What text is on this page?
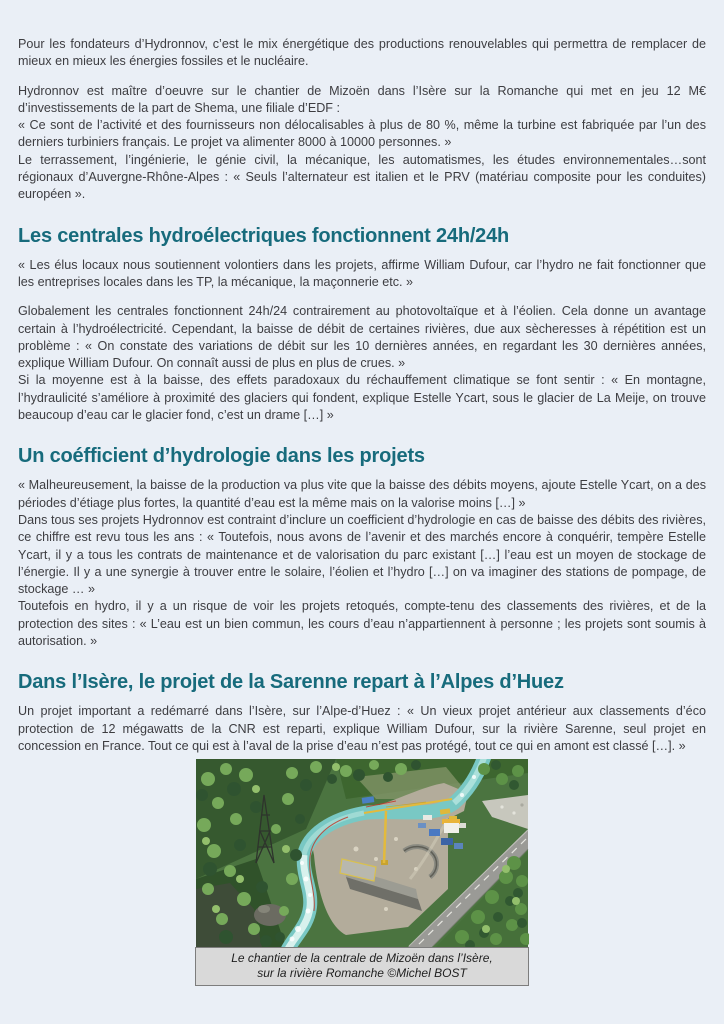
Pour les fondateurs d’Hydronnov, c’est le mix énergétique des productions renouvelables qui permettra de remplacer de mieux en mieux les énergies fossiles et le nucléaire.

Hydronnov est maître d’oeuvre sur le chantier de Mizoën dans l’Isère sur la Romanche qui met en jeu 12 M€ d’investissements de la part de Shema, une filiale d’EDF :

« Ce sont de l’activité et des fournisseurs non délocalisables à plus de 80 %, même la turbine est fabriquée par l’un des derniers turbiniers français. Le projet va alimenter 8000 à 10000 personnes. »

Le terrassement, l’ingénierie, le génie civil, la mécanique, les automatismes, les études environnementales…sont régionaux d’Auvergne-Rhône-Alpes : « Seuls l’alternateur est italien et le PRV (matériau composite pour les conduites) européen ».

Les centrales hydroélectriques fonctionnent 24h/24h

« Les élus locaux nous soutiennent volontiers dans les projets, affirme William Dufour, car l’hydro ne fait fonctionner que les entreprises locales dans les TP, la mécanique, la maçonnerie etc. »

Globalement les centrales fonctionnent 24h/24 contrairement au photovoltaïque et à l’éolien. Cela donne un avantage certain à l’hydroélectricité. Cependant, la baisse de débit de certaines rivières, due aux sècheresses à répétition est un problème : « On constate des variations de débit sur les 10 dernières années, en regardant les 30 dernières années, explique William Dufour. On connaît aussi de plus en plus de crues. »

Si la moyenne est à la baisse, des effets paradoxaux du réchauffement climatique se font sentir : « En montagne, l’hydraulicité s’améliore à proximité des glaciers qui fondent, explique Estelle Ycart, sous le glacier de La Meije, on trouve beaucoup d’eau car le glacier fond, c’est un drame […] »

Un coéfficient d’hydrologie dans les projets

« Malheureusement, la baisse de la production va plus vite que la baisse des débits moyens, ajoute Estelle Ycart, on a des périodes d’étiage plus fortes, la quantité d’eau est la même mais on la valorise moins […] »

Dans tous ses projets Hydronnov est contraint d’inclure un coefficient d’hydrologie en cas de baisse des débits des rivières, ce chiffre est revu tous les ans : « Toutefois, nous avons de l’avenir et des marchés encore à conquérir, tempère Estelle Ycart, il y a tous les contrats de maintenance et de valorisation du parc existant […] l’eau est un moyen de stockage de l’énergie. Il y a une synergie à trouver entre le solaire, l’éolien et l’hydro […] on va imaginer des stations de pompage, de stockage … »

Toutefois en hydro, il y a un risque de voir les projets retoqués, compte-tenu des classements des rivières, et de la protection des sites : « L’eau est un bien commun, les cours d’eau n’appartiennent à personne ; les projets sont soumis à autorisation. »

Dans l’Isère, le projet de la Sarenne repart à l’Alpes d’Huez

Un projet important a redémarré dans l’Isère, sur l’Alpe-d’Huez : « Un vieux projet antérieur aux classements d’éco protection de 12 mégawatts de la CNR est reparti, explique William Dufour, sur la rivière Sarenne, seul projet en concession en France. Tout ce qui est à l’aval de la prise d’eau n’est pas protégé, tout ce qui en amont est classé […]. »

Le chantier de la centrale de Mizoën dans l’Isère,
sur la rivière Romanche ©Michel BOST
